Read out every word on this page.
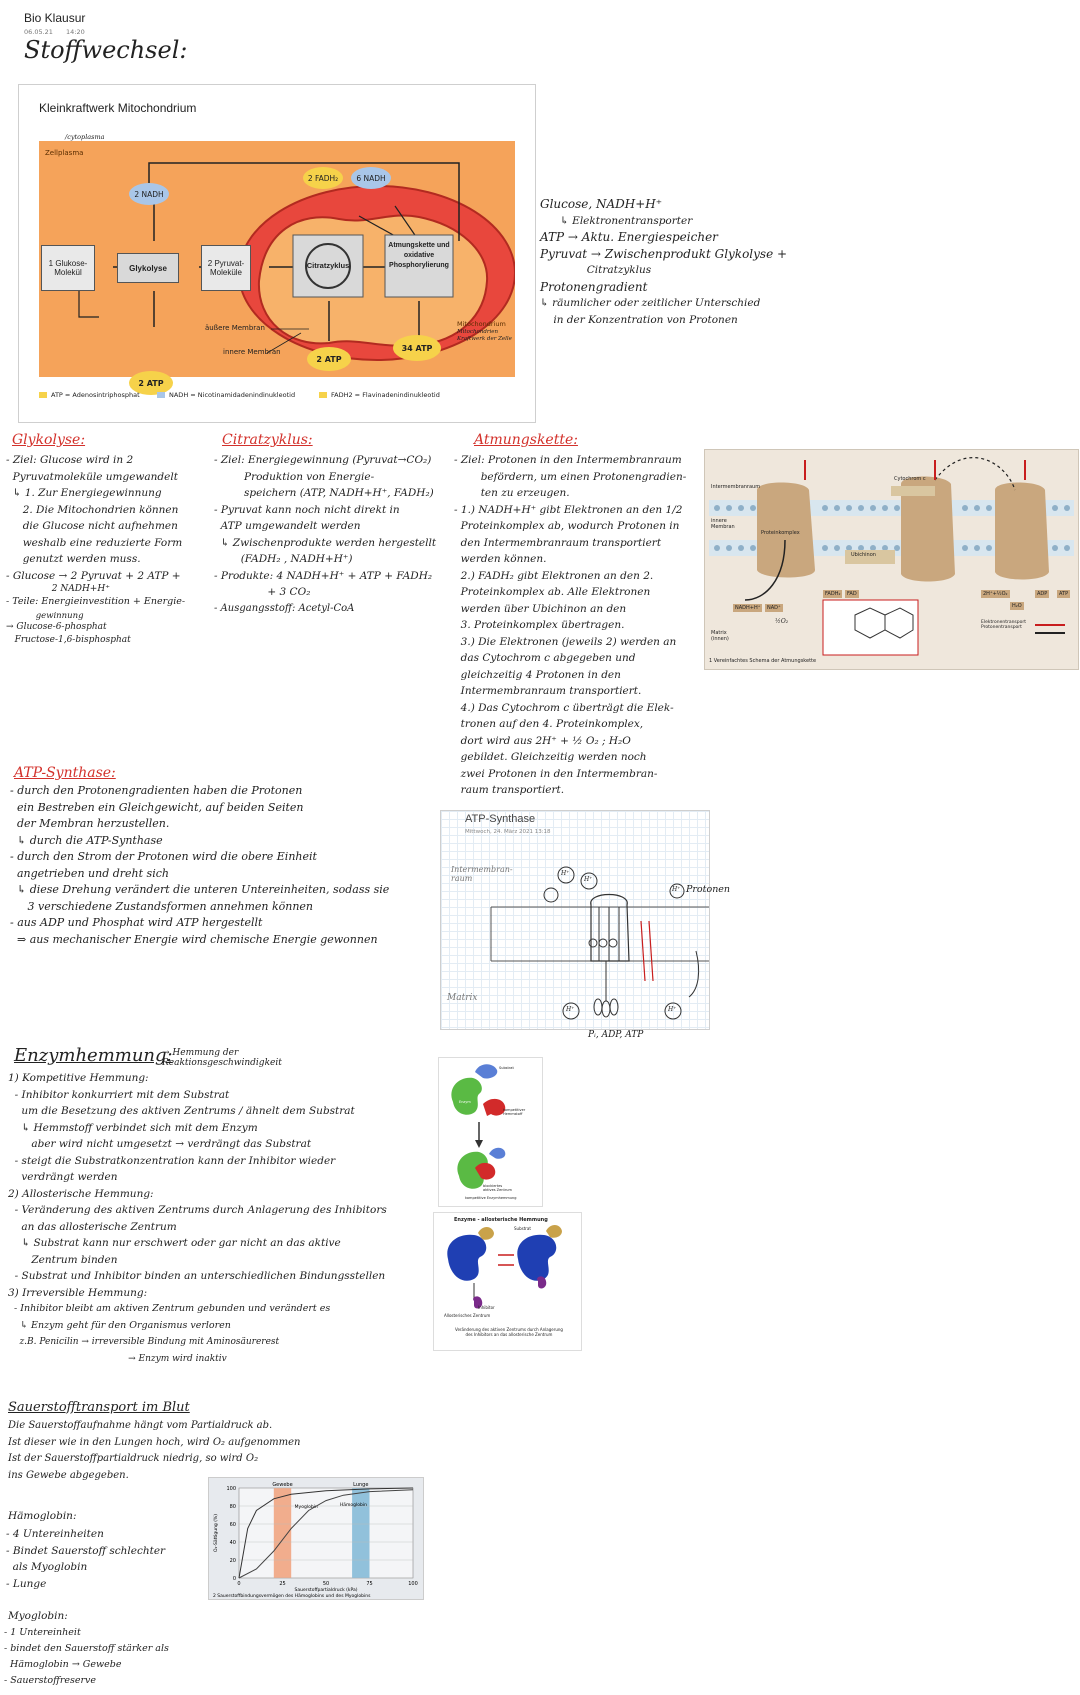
Bio Klausur
06.05.21 14:20
Stoffwechsel:
Kleinkraftwerk Mitochondrium
/cytoplasma
Zellplasma
1 Glukose-Molekül	Glykolyse	2 Pyruvat-Moleküle
2 NADH
2 ATP
2 FADH₂	6 NADH
Citratzyklus
Atmungskette und oxidative Phosphorylierung
äußere Membran
innere Membran
2 ATP
34 ATP
Mitochondrium
Mitochondrien Kraftwerk der Zelle
ATP = Adenosintriphosphat	NADH = Nicotinamidadenindinukleotid	FADH2 = Flavinadenindinukleotid
Glucose, NADH+H⁺
↳ Elektronentransporter
ATP → Aktu. Energiespeicher
Pyruvat → Zwischenprodukt Glykolyse +
Citratzyklus
Protonengradient
↳ räumlicher oder zeitlicher Unterschied
in der Konzentration von Protonen
Glykolyse:
- Ziel: Glucose wird in 2
Pyruvatmoleküle umgewandelt
↳ 1. Zur Energiegewinnung
2. Die Mitochondrien können
die Glucose nicht aufnehmen
weshalb eine reduzierte Form
genutzt werden muss.
- Glucose → 2 Pyruvat + 2 ATP +
2 NADH+H⁺
- Teile: Energieinvestition + Energie-
gewinnung
→ Glucose-6-phosphat
Fructose-1,6-bisphosphat
Citratzyklus:
- Ziel: Energiegewinnung (Pyruvat→CO₂)
Produktion von Energie-
speichern (ATP, NADH+H⁺, FADH₂)
- Pyruvat kann noch nicht direkt in
ATP umgewandelt werden
↳ Zwischenprodukte werden hergestellt
(FADH₂ , NADH+H⁺)
- Produkte: 4 NADH+H⁺ + ATP + FADH₂
+ 3 CO₂
- Ausgangsstoff: Acetyl-CoA
Atmungskette:
- Ziel: Protonen in den Intermembranraum
befördern, um einen Protonengradien-
ten zu erzeugen.
- 1.) NADH+H⁺ gibt Elektronen an den 1/2
Proteinkomplex ab, wodurch Protonen in
den Intermembranraum transportiert
werden können.
2.) FADH₂ gibt Elektronen an den 2.
Proteinkomplex ab. Alle Elektronen
werden über Ubichinon an den
3. Proteinkomplex übertragen.
3.) Die Elektronen (jeweils 2) werden an
das Cytochrom c abgegeben und
gleichzeitig 4 Protonen in den
Intermembranraum transportiert.
4.) Das Cytochrom c überträgt die Elek-
tronen auf den 4. Proteinkomplex,
dort wird aus 2H⁺ + ½ O₂ ; H₂O
gebildet. Gleichzeitig werden noch
zwei Protonen in den Intermembran-
raum transportiert.
Intermembranraum
innere Membran
Matrix (innen)
Cytochrom c
Ubichinon
Proteinkomplex
NADH+H⁺	NAD⁺
FADH₂	FAD	2H⁺+½O₂
H₂O
ADP	ATP
½O₂	Elektronentransport Protonentransport
1 Vereinfachtes Schema der Atmungskette
ATP-Synthase:
- durch den Protonengradienten haben die Protonen
ein Bestreben ein Gleichgewicht, auf beiden Seiten
der Membran herzustellen.
↳ durch die ATP-Synthase
- durch den Strom der Protonen wird die obere Einheit
angetrieben und dreht sich
↳ diese Drehung verändert die unteren Untereinheiten, sodass sie
3 verschiedene Zustandsformen annehmen können
- aus ADP und Phosphat wird ATP hergestellt
⇒ aus mechanischer Energie wird chemische Energie gewonnen
ATP-Synthase
Mittwoch, 24. März 2021 13:18
Intermembran-raum
Matrix
H⁺
H⁺
H⁺
H⁺	H⁺
Protonen
Pᵢ, ADP, ATP
Enzymhemmung:
→ Hemmung der Reaktionsgeschwindigkeit
1) Kompetitive Hemmung:
- Inhibitor konkurriert mit dem Substrat
um die Besetzung des aktiven Zentrums / ähnelt dem Substrat
↳ Hemmstoff verbindet sich mit dem Enzym
aber wird nicht umgesetzt → verdrängt das Substrat
- steigt die Substratkonzentration kann der Inhibitor wieder
verdrängt werden
2) Allosterische Hemmung:
- Veränderung des aktiven Zentrums durch Anlagerung des Inhibitors
an das allosterische Zentrum
↳ Substrat kann nur erschwert oder gar nicht an das aktive
Zentrum binden
- Substrat und Inhibitor binden an unterschiedlichen Bindungsstellen
3) Irreversible Hemmung:
- Inhibitor bleibt am aktiven Zentrum gebunden und verändert es
↳ Enzym geht für den Organismus verloren
z.B. Penicilin → irreversible Bindung mit Aminosäurerest
→ Enzym wird inaktiv
Substrat
Enzym
kompetitiver Hemmstoff
blockiertes aktives Zentrum
kompetitive Enzymhemmung
Enzyme - allosterische Hemmung
Substrat
Inhibitor
Allosterisches Zentrum
Veränderung des aktiven Zentrums durch Anlagerung des Inhibitors an das allosterische Zentrum
Sauerstofftransport im Blut
Die Sauerstoffaufnahme hängt vom Partialdruck ab.
Ist dieser wie in den Lungen hoch, wird O₂ aufgenommen
Ist der Sauerstoffpartialdruck niedrig, so wird O₂
ins Gewebe abgegeben.
Hämoglobin:
- 4 Untereinheiten
- Bindet Sauerstoff schlechter
als Myoglobin
- Lunge
Myoglobin:
- 1 Untereinheit
- bindet den Sauerstoff stärker als
Hämoglobin → Gewebe
- Sauerstoffreserve
Gewebe	Lunge
0
20
40
60
80
100
0	25	50	75	100
Myoglobin	Hämoglobin
Sauerstoffpartialdruck (kPa)
O₂-Sättigung (%)
2 Sauerstoffbindungsvermögen des Hämoglobins und des Myoglobins
